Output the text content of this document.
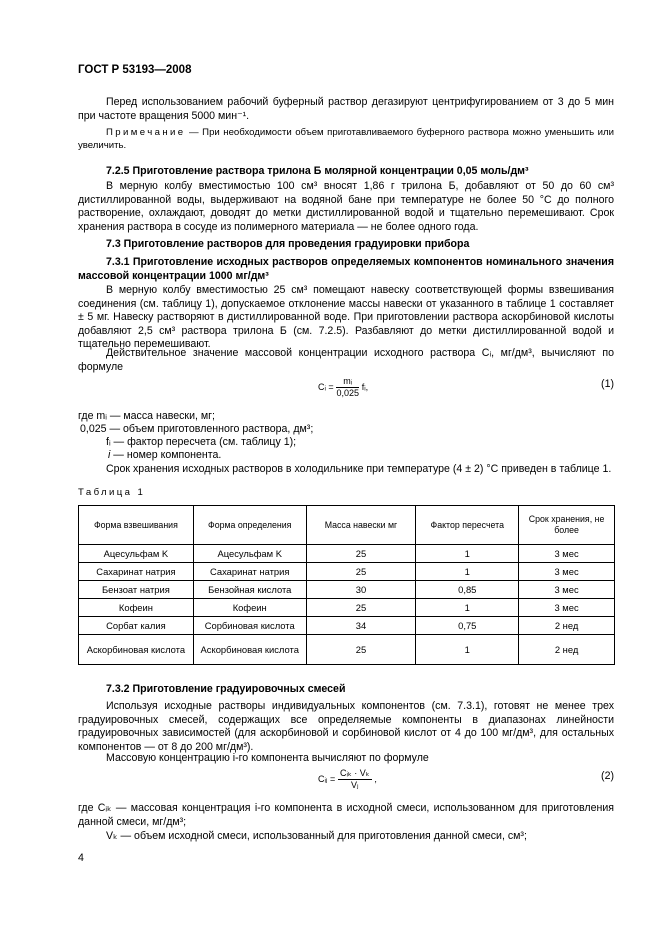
ГОСТ Р 53193—2008
Перед использованием рабочий буферный раствор дегазируют центрифугированием от 3 до 5 мин при частоте вращения 5000 мин⁻¹.
Примечание — При необходимости объем приготавливаемого буферного раствора можно уменьшить или увеличить.
7.2.5 Приготовление раствора трилона Б молярной концентрации 0,05 моль/дм³
В мерную колбу вместимостью 100 см³ вносят 1,86 г трилона Б, добавляют от 50 до 60 см³ дистиллированной воды, выдерживают на водяной бане при температуре не более 50 °С до полного растворение, охлаждают, доводят до метки дистиллированной водой и тщательно перемешивают. Срок хранения раствора в сосуде из полимерного материала — не более одного года.
7.3 Приготовление растворов для проведения градуировки прибора
7.3.1 Приготовление исходных растворов определяемых компонентов номинального значения массовой концентрации 1000 мг/дм³
В мерную колбу вместимостью 25 см³ помещают навеску соответствующей формы взвешивания соединения (см. таблицу 1), допускаемое отклонение массы навески от указанного в таблице 1 составляет ± 5 мг. Навеску растворяют в дистиллированной воде. При приготовлении раствора аскорбиновой кислоты добавляют 2,5 см³ раствора трилона Б (см. 7.2.5). Разбавляют до метки дистиллированной водой и тщательно перемешивают.
Действительное значение массовой концентрации исходного раствора Cᵢ, мг/дм³, вычисляют по формуле
Cᵢ = $\frac{\text{mᵢ}}{0,025}$ fᵢ,	(1)
где mᵢ — масса навески, мг;
0,025 — объем приготовленного раствора, дм³;
fᵢ — фактор пересчета (см. таблицу 1);
i — номер компонента.
Срок хранения исходных растворов в холодильнике при температуре (4 ± 2) °С приведен в таблице 1.
Таблица 1
Форма взвешивания	Форма определения	Масса навески мг	Фактор пересчета	Срок хранения, не более
Ацесульфам K	Ацесульфам K	25	1	3 мес
Сахаринат натрия	Сахаринат натрия	25	1	3 мес
Бензоат натрия	Бензойная кислота	30	0,85	3 мес
Кофеин	Кофеин	25	1	3 мес
Сорбат калия	Сорбиновая кислота	34	0,75	2 нед
Аскорбиновая кислота	Аскорбиновая кислота	25	1	2 нед
7.3.2 Приготовление градуировочных смесей
Используя исходные растворы индивидуальных компонентов (см. 7.3.1), готовят не менее трех градуировочных смесей, содержащих все определяемые компоненты в диапазонах линейности градуировочных зависимостей (для аскорбиновой и сорбиновой кислот от 4 до 100 мг/дм³, для остальных компонентов — от 8 до 200 мг/дм³).
Массовую концентрацию i-го компонента вычисляют по формуле
Cᵢⱼ = $\frac{\text{Cᵢₖ · Vₖ}}{\text{Vⱼ}}$ ,	(2)
где Cᵢₖ — массовая концентрация i-го компонента в исходной смеси, использованном для приготовления данной смеси, мг/дм³;
Vₖ — объем исходной смеси, использованный для приготовления данной смеси, см³;
4
